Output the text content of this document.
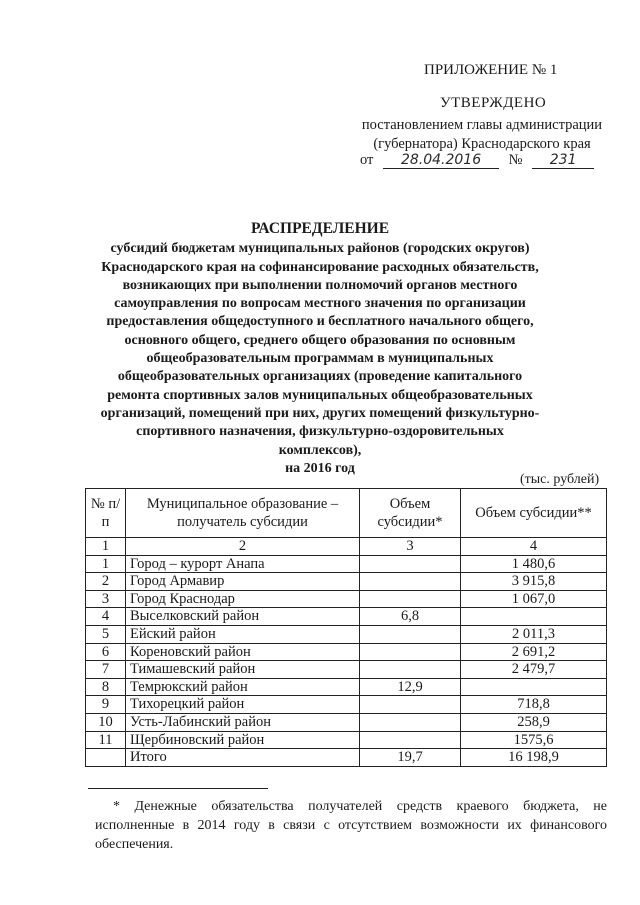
ПРИЛОЖЕНИЕ № 1
УТВЕРЖДЕНО
постановлением главы администрации
(губернатора) Краснодарского края
от 28.04.2016 № 231
РАСПРЕДЕЛЕНИЕ
субсидий бюджетам муниципальных районов (городских округов)
Краснодарского края на софинансирование расходных обязательств,
возникающих при выполнении полномочий органов местного
самоуправления по вопросам местного значения по организации
предоставления общедоступного и бесплатного начального общего,
основного общего, среднего общего образования по основным
общеобразовательным программам в муниципальных
общеобразовательных организациях (проведение капитального
ремонта спортивных залов муниципальных общеобразовательных
организаций, помещений при них, других помещений физкультурно-
спортивного назначения, физкультурно-оздоровительных комплексов),
на 2016 год
(тыс. рублей)
№ п/п	Муниципальное образование – получатель субсидии	Объем субсидии*	Объем субсидии**
1	2	3	4
1	Город – курорт Анапа		1 480,6
2	Город Армавир		3 915,8
3	Город Краснодар		1 067,0
4	Выселковский район	6,8	
5	Ейский район		2 011,3
6	Кореновский район		2 691,2
7	Тимашевский район		2 479,7
8	Темрюкский район	12,9	
9	Тихорецкий район		718,8
10	Усть-Лабинский район		258,9
11	Щербиновский район		1575,6
	Итого	19,7	16 198,9
* Денежные обязательства получателей средств краевого бюджета, не исполненные в 2014 году в связи с отсутствием возможности их финансового обеспечения.
